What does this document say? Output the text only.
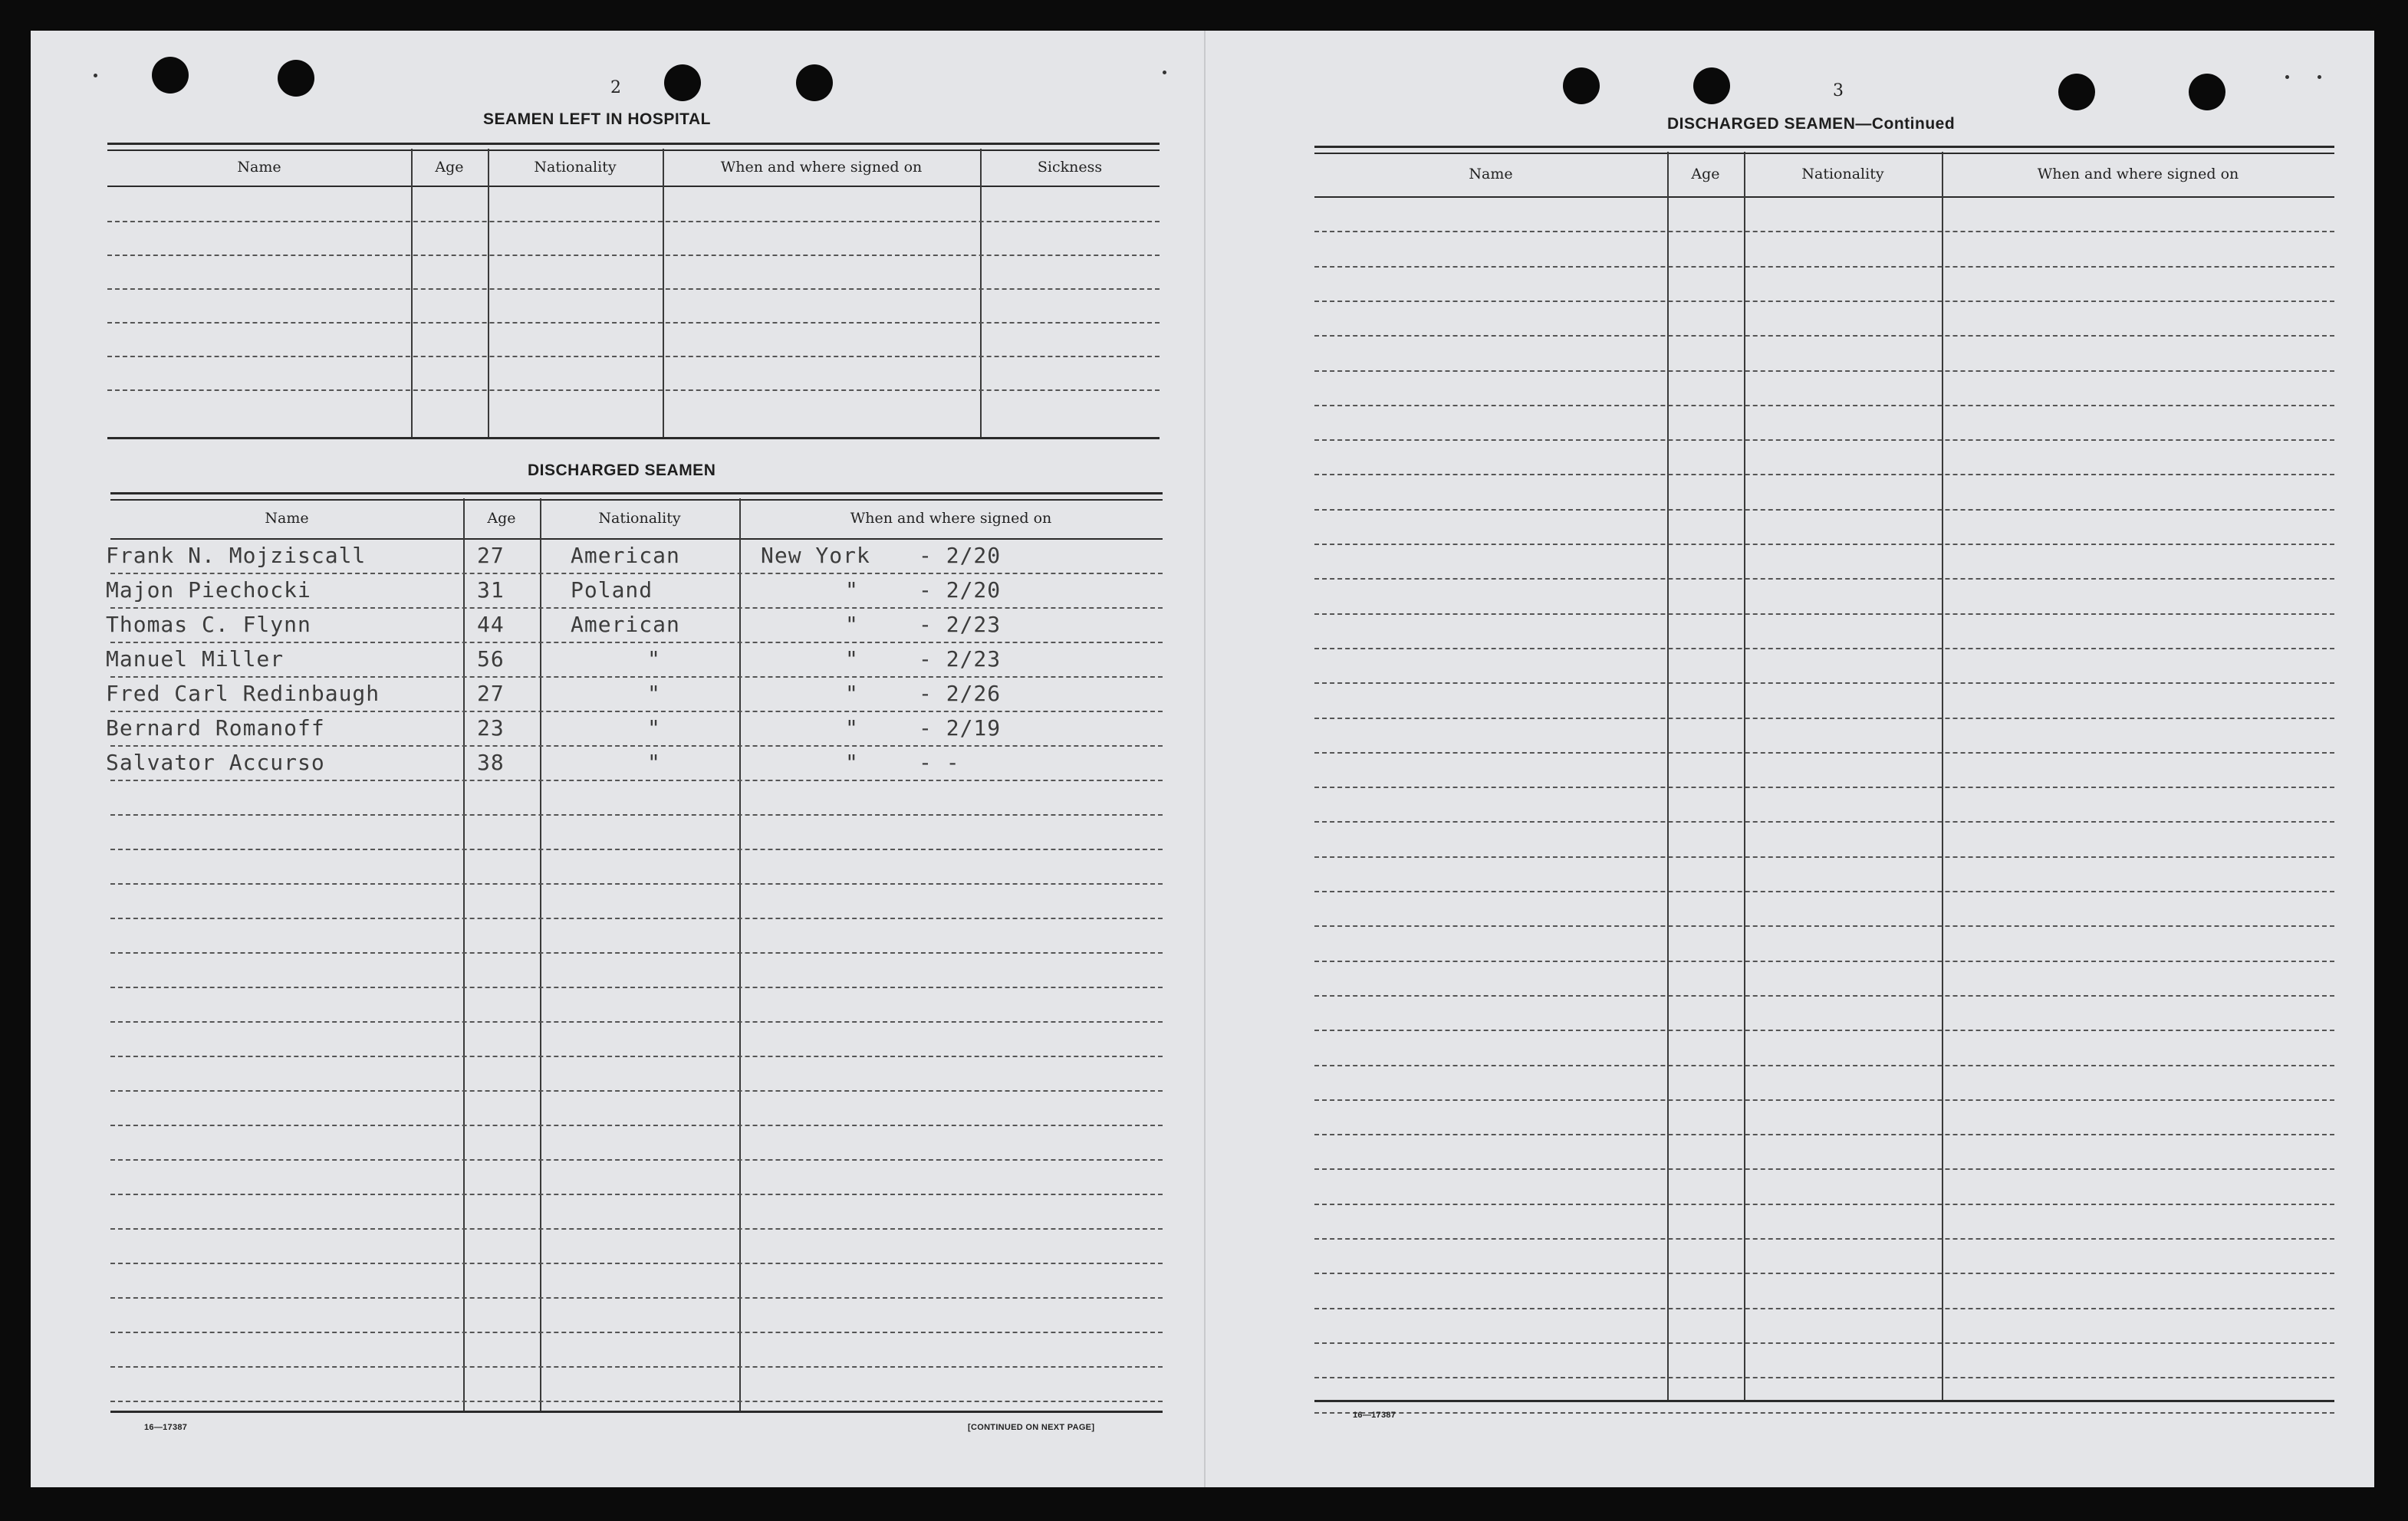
2
SEAMEN LEFT IN HOSPITAL
Name	Age	Nationality	When and where signed on	Sickness
DISCHARGED SEAMEN
Name	Age	Nationality	When and where signed on
Frank N. Mojziscall	27	American	New York - 2/20
Majon Piechocki	31	Poland	"	- 2/20
Thomas C. Flynn	44	American	"	- 2/23
Manuel Miller	56	"	"	- 2/23
Fred Carl Redinbaugh	27	"	"	- 2/26
Bernard Romanoff	23	"	"	- 2/19
Salvator Accurso	38	"	"	- -
16—17387	[CONTINUED ON NEXT PAGE]
3
DISCHARGED SEAMEN—Continued
Name	Age	Nationality	When and where signed on
16—17387
